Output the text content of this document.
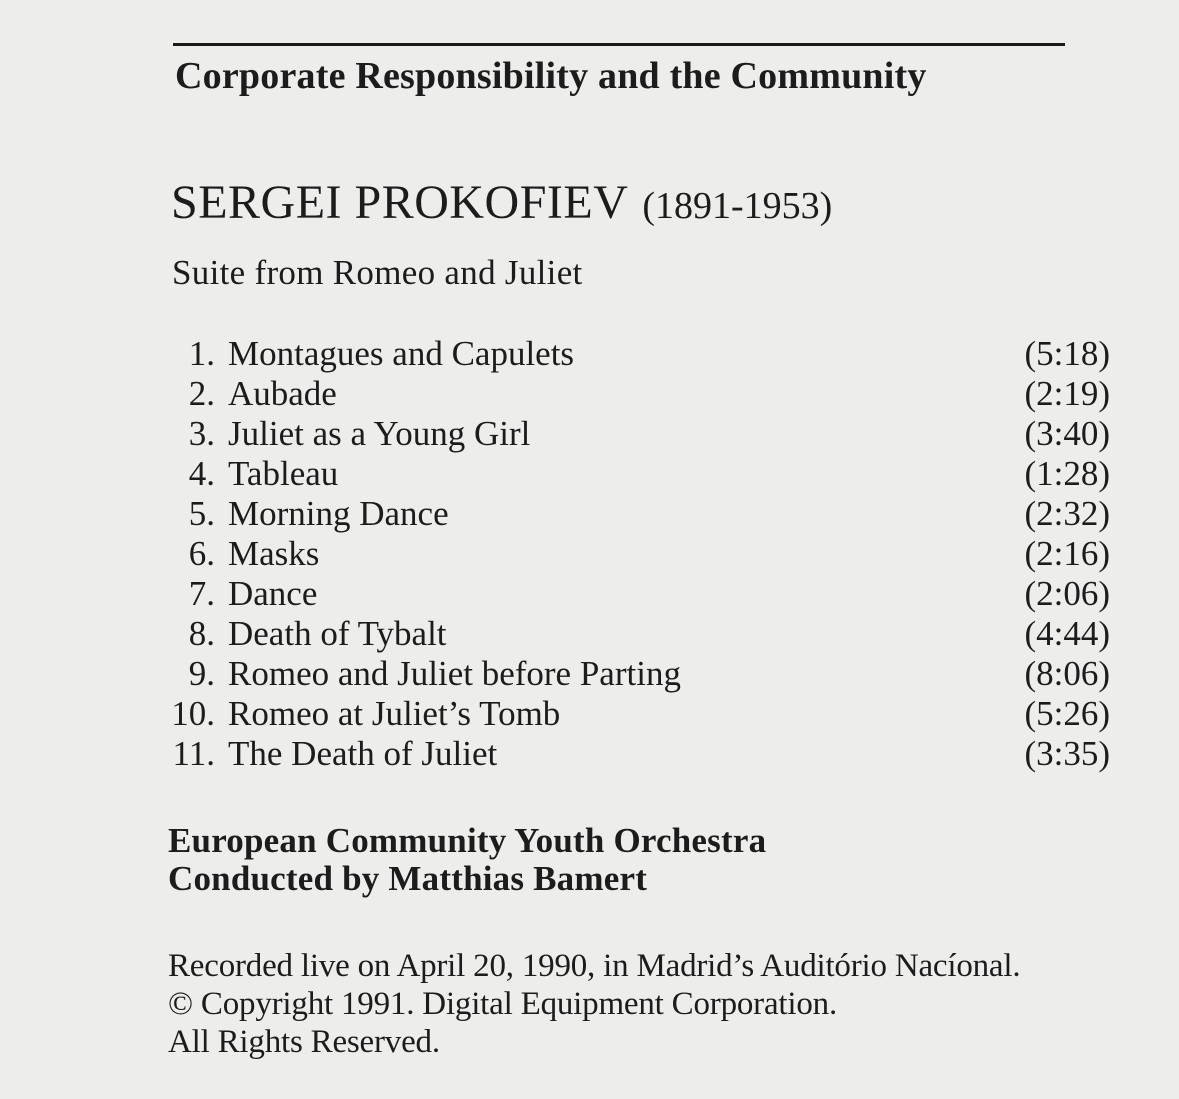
Corporate Responsibility and the Community
SERGEI PROKOFIEV (1891-1953)
Suite from Romeo and Juliet
1. Montagues and Capulets	(5:18)
2. Aubade	(2:19)
3. Juliet as a Young Girl	(3:40)
4. Tableau	(1:28)
5. Morning Dance	(2:32)
6. Masks	(2:16)
7. Dance	(2:06)
8. Death of Tybalt	(4:44)
9. Romeo and Juliet before Parting	(8:06)
10. Romeo at Juliet’s Tomb	(5:26)
11. The Death of Juliet	(3:35)
European Community Youth Orchestra
Conducted by Matthias Bamert
Recorded live on April 20, 1990, in Madrid’s Auditório Nacíonal.
© Copyright 1991. Digital Equipment Corporation.
All Rights Reserved.
